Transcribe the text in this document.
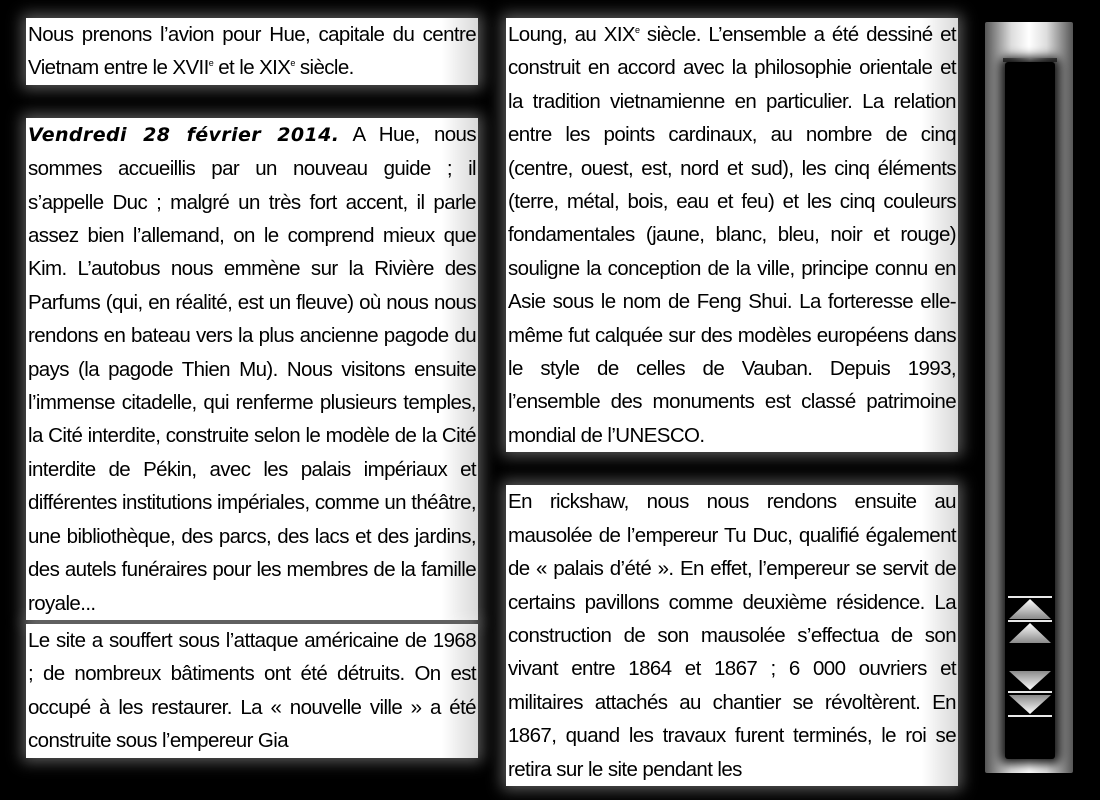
Nous prenons l’avion pour Hue, capitale du centre Vietnam entre le XVIIe et le XIXe siècle.
Vendredi 28 février 2014. A Hue, nous sommes accueillis par un nouveau guide ; il s’appelle Duc ; malgré un très fort accent, il parle assez bien l’allemand, on le comprend mieux que Kim. L’autobus nous emmène sur la Rivière des Parfums (qui, en réalité, est un fleuve) où nous nous rendons en bateau vers la plus ancienne pagode du pays (la pagode Thien Mu). Nous visitons ensuite l’immense citadelle, qui renferme plusieurs temples, la Cité interdite, construite selon le modèle de la Cité interdite de Pékin, avec les palais impériaux et différentes institutions impériales, comme un théâtre, une bibliothèque, des parcs, des lacs et des jardins, des autels funéraires pour les membres de la famille royale...
Le site a souffert sous l’attaque américaine de 1968 ; de nombreux bâtiments ont été détruits. On est occupé à les restaurer. La « nouvelle ville » a été construite sous l’empereur Gia
Loung, au XIXe siècle. L’ensemble a été dessiné et construit en accord avec la philosophie orientale et la tradition vietnamienne en particulier. La relation entre les points cardinaux, au nombre de cinq (centre, ouest, est, nord et sud), les cinq éléments (terre, métal, bois, eau et feu) et les cinq couleurs fondamentales (jaune, blanc, bleu, noir et rouge) souligne la conception de la ville, principe connu en Asie sous le nom de Feng Shui. La forteresse elle-même fut calquée sur des modèles européens dans le style de celles de Vauban. Depuis 1993, l’ensemble des monuments est classé patrimoine mondial de l’UNESCO.
En rickshaw, nous nous rendons ensuite au mausolée de l’empereur Tu Duc, qualifié également de « palais d’été ». En effet, l’empereur se servit de certains pavillons comme deuxième résidence. La construction de son mausolée s’effectua de son vivant entre 1864 et 1867 ; 6 000 ouvriers et militaires attachés au chantier se révoltèrent. En 1867, quand les travaux furent terminés, le roi se retira sur le site pendant les
